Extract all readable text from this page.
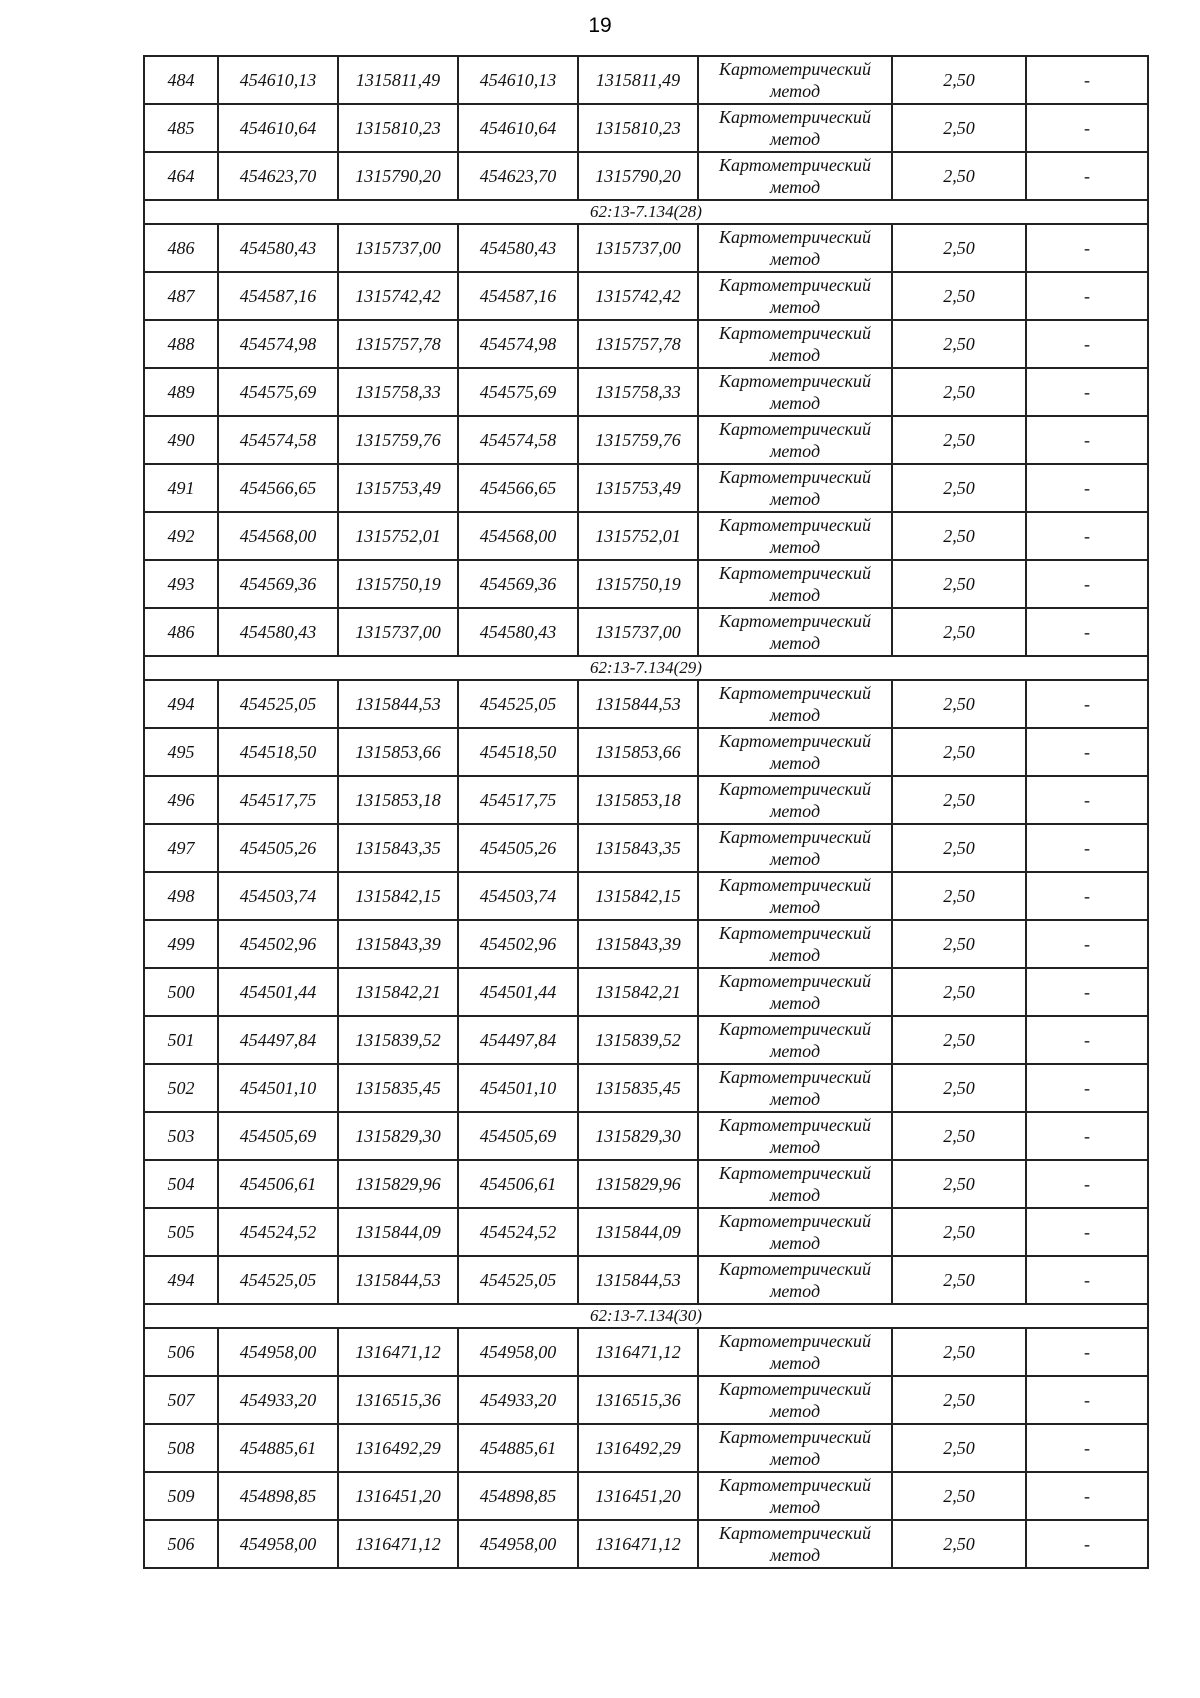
19
484	454610,13	1315811,49	454610,13	1315811,49	Картометрический
метод	2,50	-
485	454610,64	1315810,23	454610,64	1315810,23	Картометрический
метод	2,50	-
464	454623,70	1315790,20	454623,70	1315790,20	Картометрический
метод	2,50	-
62:13-7.134(28)							
486	454580,43	1315737,00	454580,43	1315737,00	Картометрический
метод	2,50	-
487	454587,16	1315742,42	454587,16	1315742,42	Картометрический
метод	2,50	-
488	454574,98	1315757,78	454574,98	1315757,78	Картометрический
метод	2,50	-
489	454575,69	1315758,33	454575,69	1315758,33	Картометрический
метод	2,50	-
490	454574,58	1315759,76	454574,58	1315759,76	Картометрический
метод	2,50	-
491	454566,65	1315753,49	454566,65	1315753,49	Картометрический
метод	2,50	-
492	454568,00	1315752,01	454568,00	1315752,01	Картометрический
метод	2,50	-
493	454569,36	1315750,19	454569,36	1315750,19	Картометрический
метод	2,50	-
486	454580,43	1315737,00	454580,43	1315737,00	Картометрический
метод	2,50	-
62:13-7.134(29)							
494	454525,05	1315844,53	454525,05	1315844,53	Картометрический
метод	2,50	-
495	454518,50	1315853,66	454518,50	1315853,66	Картометрический
метод	2,50	-
496	454517,75	1315853,18	454517,75	1315853,18	Картометрический
метод	2,50	-
497	454505,26	1315843,35	454505,26	1315843,35	Картометрический
метод	2,50	-
498	454503,74	1315842,15	454503,74	1315842,15	Картометрический
метод	2,50	-
499	454502,96	1315843,39	454502,96	1315843,39	Картометрический
метод	2,50	-
500	454501,44	1315842,21	454501,44	1315842,21	Картометрический
метод	2,50	-
501	454497,84	1315839,52	454497,84	1315839,52	Картометрический
метод	2,50	-
502	454501,10	1315835,45	454501,10	1315835,45	Картометрический
метод	2,50	-
503	454505,69	1315829,30	454505,69	1315829,30	Картометрический
метод	2,50	-
504	454506,61	1315829,96	454506,61	1315829,96	Картометрический
метод	2,50	-
505	454524,52	1315844,09	454524,52	1315844,09	Картометрический
метод	2,50	-
494	454525,05	1315844,53	454525,05	1315844,53	Картометрический
метод	2,50	-
62:13-7.134(30)							
506	454958,00	1316471,12	454958,00	1316471,12	Картометрический
метод	2,50	-
507	454933,20	1316515,36	454933,20	1316515,36	Картометрический
метод	2,50	-
508	454885,61	1316492,29	454885,61	1316492,29	Картометрический
метод	2,50	-
509	454898,85	1316451,20	454898,85	1316451,20	Картометрический
метод	2,50	-
506	454958,00	1316471,12	454958,00	1316471,12	Картометрический
метод	2,50	-
